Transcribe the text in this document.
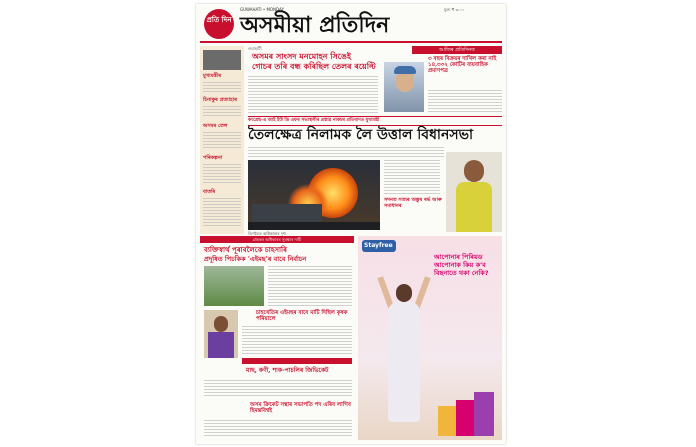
প্ৰতি দিন
GUWAHATI • MONDAY
অসমীয়া প্ৰতিদিন
মূল্য ₹ ৩.০০
মুখ্যমন্ত্ৰীৰ
চিনাকুৰ প্ৰত্যাহাৰ
অসমৰ তেল
পৰিকল্পনা
বাতৰি
গুৱাহাটী
অসমৰ সাংসদ মনমোহন সিঙেই
গোচৰ তৰি বন্ধ কৰিছিল তেলৰ ৰয়েল্টি
আজিৰ প্ৰতিদিনত
৩ বছৰ বিক্ৰয়ৰ দাখিল কৰা নাই ১৪,৩৩২ কোটিৰ ব্যয়বাহিক প্ৰমাণপত্ৰ
কংগ্ৰেছ-এ আই ইউ ডি এফৰ সভাস্থলীৰ প্ৰস্তাৱ নাকচৰ প্ৰতিবাদত মুখ্যমন্ত্ৰী
তৈলক্ষেত্ৰ নিলামক লৈ উত্তাল বিধানসভা
ডিগবৈত অগ্নিকাণ্ডৰ দৃশ্য
সদনত সত্যৰ অস্তুৰ ৰৰ্দ্ধ আৰু সমাধানৰ
গ্ৰাহকৰ অধিকাৰৰ সুৰক্ষাৰ দাবী
ব্যক্তিস্বাৰ্থ পূৰাবলৈকে চাহসাৰি
প্ৰদূষিত পিচকিক 'এইমছ'ৰ বাবে নিৰ্বাচন
চাহখেতিৰ এইমছৰ বাবে মাটি দিছিল কৃষক পৰিয়ালে
মাছ, কণী, শাক-পাচলিৰ জিভিকেট
অসম ক্ৰিকেট সন্থাৰ সভাপতি পদ এৰিব লাগিব হিমন্তবিশ্বই
Stayfree
আপোনাৰ পিৰিয়ড আপোনাক কিয় ক'ব বিছনাতে থকা নেকি?
